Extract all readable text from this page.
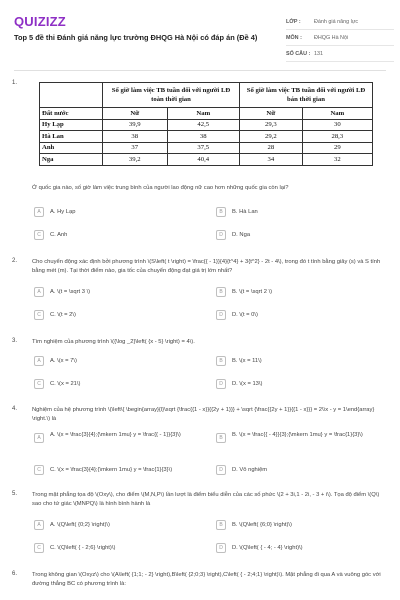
QUIZIZZ
Top 5 đề thi Đánh giá năng lực trường ĐHQG Hà Nội có đáp án (Đề 4)
LỚP :	Đánh giá năng lực
MÔN :	ĐHQG Hà Nội
SỐ CÂU : 131
1.
	Số giờ làm việc TB tuần đối với người LĐ toàn thời gian		Số giờ làm việc TB tuần đối với người LĐ bán thời gian	
Đất nước	Nữ	Nam	Nữ	Nam
Hy Lạp	39,9	42,5	29,3	30
Hà Lan	38	38	29,2	28,3
Anh	37	37,5	28	29
Nga	39,2	40,4	34	32
Ở quốc gia nào, số giờ làm việc trung bình của người lao động nữ cao hơn những quốc gia còn lại?
A	A. Hy Lạp	B	B. Hà Lan
C	C. Anh	D	D. Nga
2.	Cho chuyển động xác định bởi phương trình \(S\left( t \right) = \frac{{ - 1}}{4}{t^4} + 3{t^2} - 2t - 4\), trong đó t tính bằng giây (s) và S tính bằng mét (m). Tại thời điểm nào, gia tốc của chuyển động đạt giá trị lớn nhất?
A	A. \(t = \sqrt 3 \)	B	B. \(t = \sqrt 2 \)
C	C. \(t = 2\)	D	D. \(t = 0\)
3.	Tìm nghiệm của phương trình \({\log _2}\left( {x - 5} \right) = 4\).
A	A. \(x = 7\)	B	B. \(x = 11\)
C	C. \(x = 21\)	D	D. \(x = 13\)
4.	Nghiệm của hệ phương trình \(\left\{ \begin{array}{l}\sqrt {\frac{{1 - x}}{{2y + 1}}} + \sqrt {\frac{{2y + 1}}{{1 - x}}} = 2\\x - y = 1\end{array} \right.\) là
A	A. \(x = \frac{3}{4};{\mkern 1mu} y = \frac{{ - 1}}{3}\)	B	B. \(x = \frac{{ - 4}}{3};{\mkern 1mu} y = \frac{1}{3}\)
C	C. \(x = \frac{3}{4};{\mkern 1mu} y = \frac{1}{3}\)	D	D. Vô nghiệm
5.	Trong mặt phẳng tọa độ \(Oxy\), cho điểm \(M,N,P\) lần lượt là điểm biểu diễn của các số phức \(2 + 3i,1 - 2i, - 3 + i\). Tọa độ điểm \(Q\) sao cho tứ giác \(MNPQ\) là hình bình hành là
A	A. \(Q\left( {0;2} \right)\)	B	B. \(Q\left( {6;0} \right)\)
C	C. \(Q\left( { - 2;6} \right)\)	D	D. \(Q\left( { - 4; - 4} \right)\)
6.	Trong không gian \(Oxyz\) cho \(A\left( {1;1; - 2} \right),B\left( {2;0;3} \right),C\left( { - 2;4;1} \right)\). Mặt phẳng đi qua A và vuông góc với đường thẳng BC có phương trình là:
